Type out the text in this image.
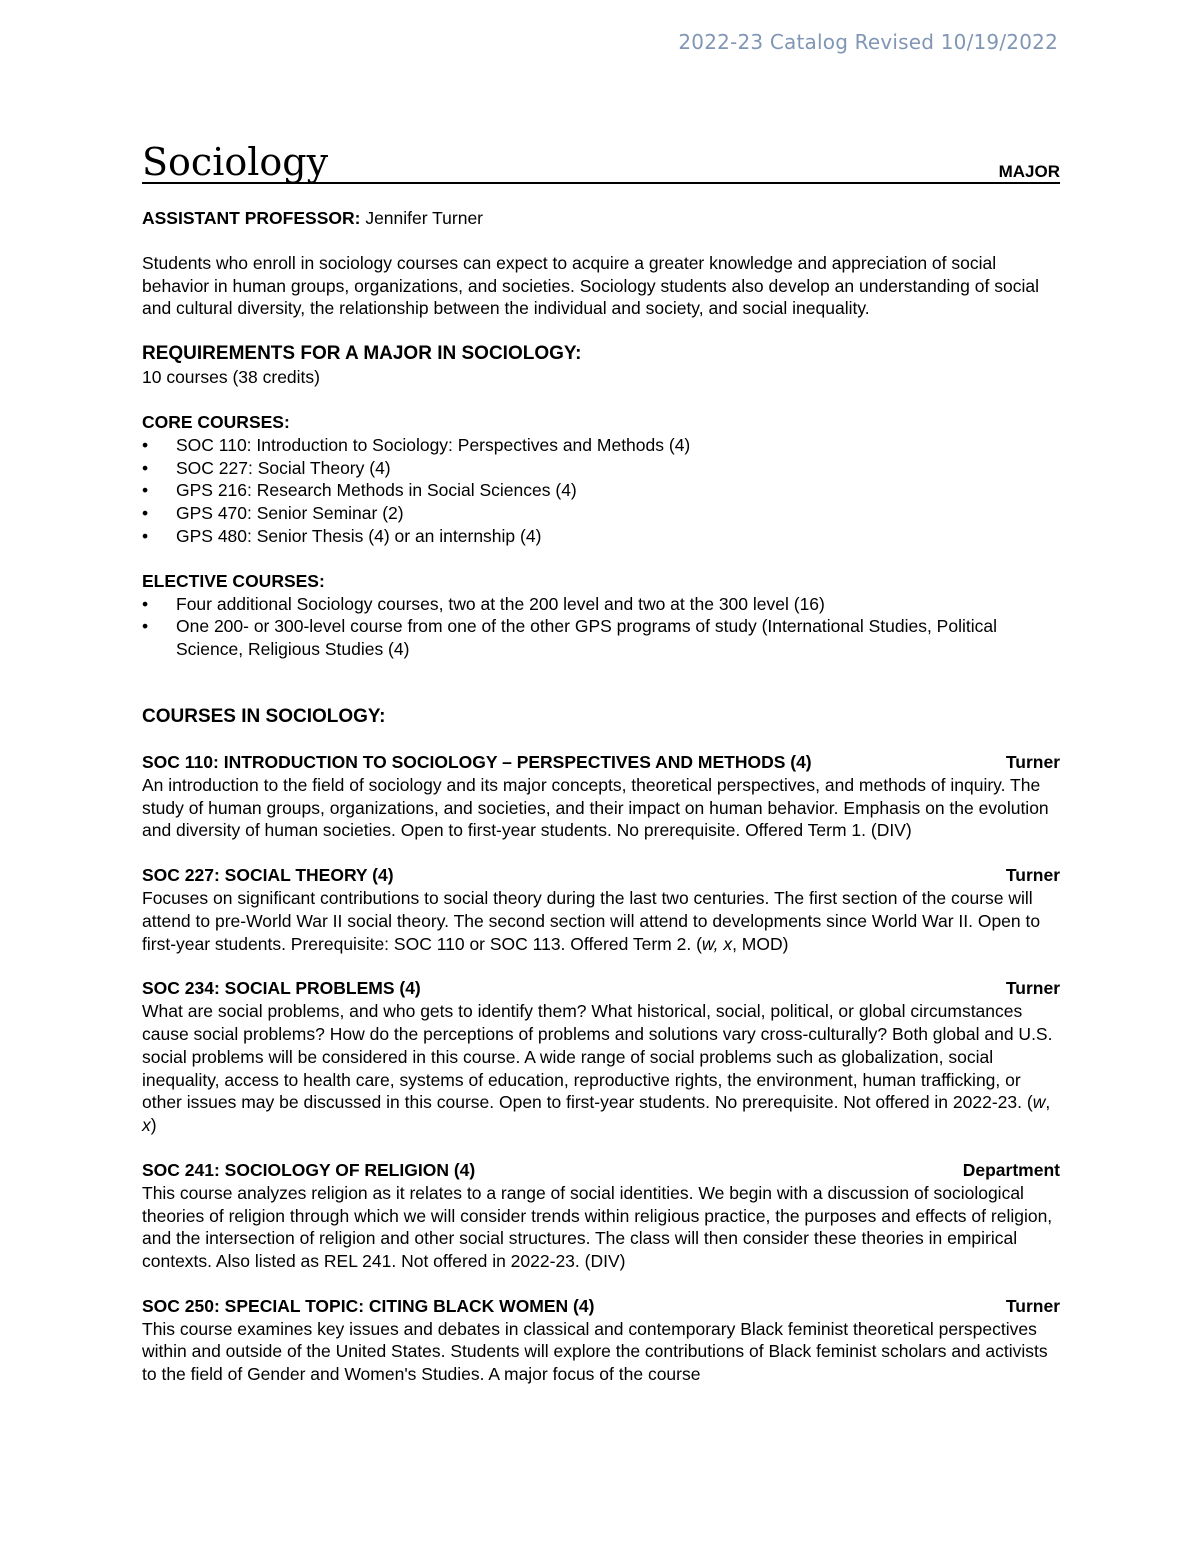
2022-23 Catalog Revised 10/19/2022
Sociology	MAJOR

ASSISTANT PROFESSOR: Jennifer Turner

Students who enroll in sociology courses can expect to acquire a greater knowledge and appreciation of social behavior in human groups, organizations, and societies. Sociology students also develop an understanding of social and cultural diversity, the relationship between the individual and society, and social inequality.

REQUIREMENTS FOR A MAJOR IN SOCIOLOGY:

10 courses (38 credits)

CORE COURSES:

• SOC 110: Introduction to Sociology: Perspectives and Methods (4)
• SOC 227: Social Theory (4)
• GPS 216: Research Methods in Social Sciences (4)
• GPS 470: Senior Seminar (2)
• GPS 480: Senior Thesis (4) or an internship (4)

ELECTIVE COURSES:

• Four additional Sociology courses, two at the 200 level and two at the 300 level (16)
• One 200- or 300-level course from one of the other GPS programs of study (International Studies, Political Science, Religious Studies (4)

COURSES IN SOCIOLOGY:

SOC 110: INTRODUCTION TO SOCIOLOGY – PERSPECTIVES AND METHODS (4)	Turner

An introduction to the field of sociology and its major concepts, theoretical perspectives, and methods of inquiry. The study of human groups, organizations, and societies, and their impact on human behavior. Emphasis on the evolution and diversity of human societies. Open to first-year students. No prerequisite. Offered Term 1. (DIV)

SOC 227: SOCIAL THEORY (4)	Turner

Focuses on significant contributions to social theory during the last two centuries. The first section of the course will attend to pre-World War II social theory. The second section will attend to developments since World War II. Open to first-year students. Prerequisite: SOC 110 or SOC 113. Offered Term 2. (w, x, MOD)

SOC 234: SOCIAL PROBLEMS (4)	Turner

What are social problems, and who gets to identify them? What historical, social, political, or global circumstances cause social problems? How do the perceptions of problems and solutions vary cross-culturally? Both global and U.S. social problems will be considered in this course. A wide range of social problems such as globalization, social inequality, access to health care, systems of education, reproductive rights, the environment, human trafficking, or other issues may be discussed in this course. Open to first-year students. No prerequisite. Not offered in 2022-23. (w, x)

SOC 241: SOCIOLOGY OF RELIGION (4)	Department

This course analyzes religion as it relates to a range of social identities. We begin with a discussion of sociological theories of religion through which we will consider trends within religious practice, the purposes and effects of religion, and the intersection of religion and other social structures. The class will then consider these theories in empirical contexts. Also listed as REL 241. Not offered in 2022-23. (DIV)

SOC 250: SPECIAL TOPIC: CITING BLACK WOMEN (4)	Turner

This course examines key issues and debates in classical and contemporary Black feminist theoretical perspectives within and outside of the United States. Students will explore the contributions of Black feminist scholars and activists to the field of Gender and Women's Studies. A major focus of the course
